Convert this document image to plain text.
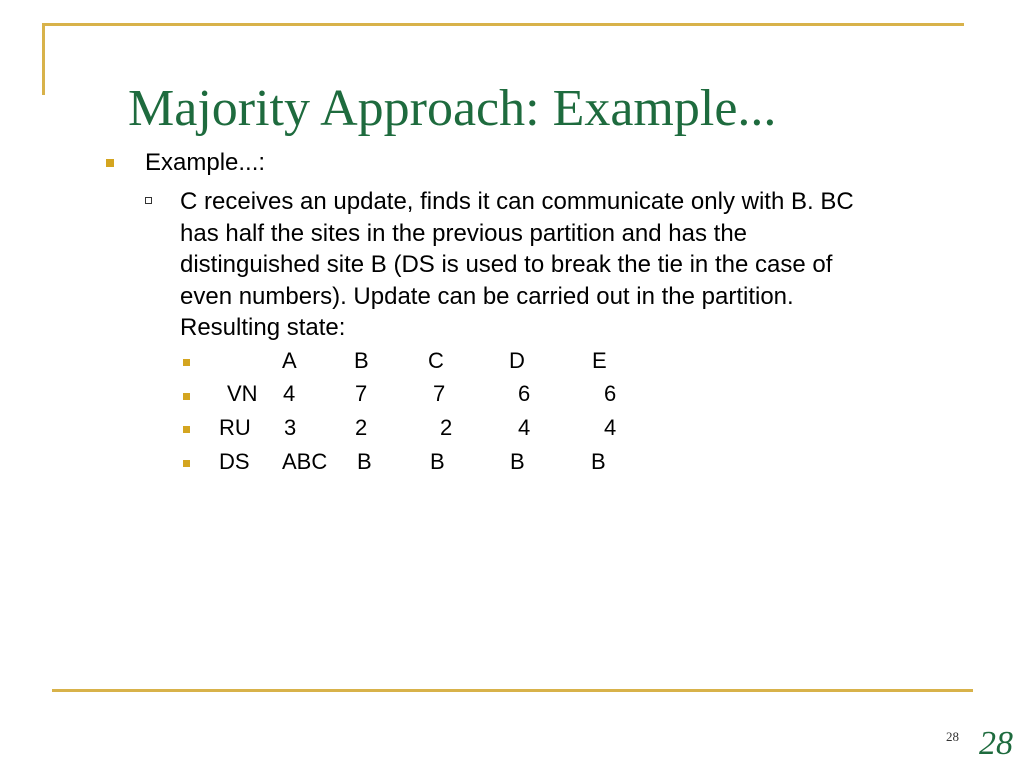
Majority Approach: Example...
Example...:
C receives an update, finds it can communicate only with B. BC
has half the sites in the previous partition and has the
distinguished site B (DS is used to break the tie in the case of
even numbers). Update can be carried out in the partition.
Resulting state:
A	B	C	D	E
VN 4	7	7	6	6
RU 3	2	2	4	4
DS ABC B	B	B	B
28 28
